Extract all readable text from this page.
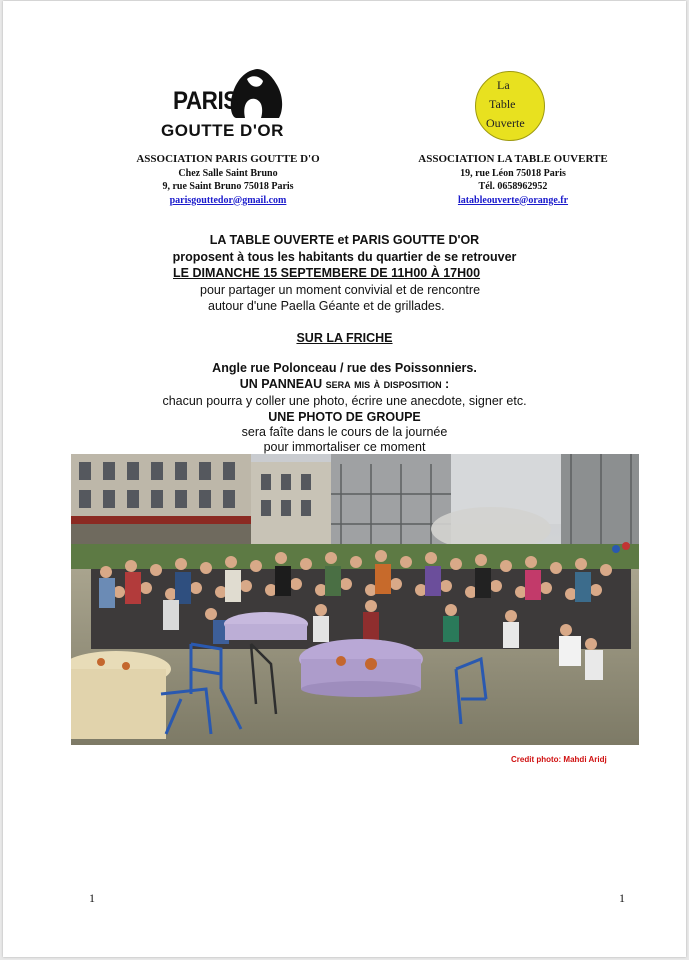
PARIS
GOUTTE D'OR
La
Table
Ouverte
ASSOCIATION PARIS GOUTTE D'O
Chez Salle Saint Bruno
9, rue Saint Bruno 75018 Paris
parisgouttedor@gmail.com
ASSOCIATION LA TABLE OUVERTE
19, rue Léon 75018 Paris
Tél. 0658962952
latableouverte@orange.fr
LA TABLE OUVERTE et PARIS GOUTTE D'OR
proposent à tous les habitants du quartier de se retrouver
LE DIMANCHE 15 SEPTEMBERE DE 11H00 À 17H00
pour partager un moment convivial et de rencontre
autour d'une Paella Géante et de grillades.
SUR LA FRICHE
Angle rue Polonceau / rue des Poissonniers.
UN PANNEAU sera mis à disposition :
chacun pourra y coller une photo, écrire une anecdote, signer etc.
UNE PHOTO DE GROUPE
sera faîte dans le cours de la journée
pour immortaliser ce moment
Credit photo: Mahdi Aridj
1	1
